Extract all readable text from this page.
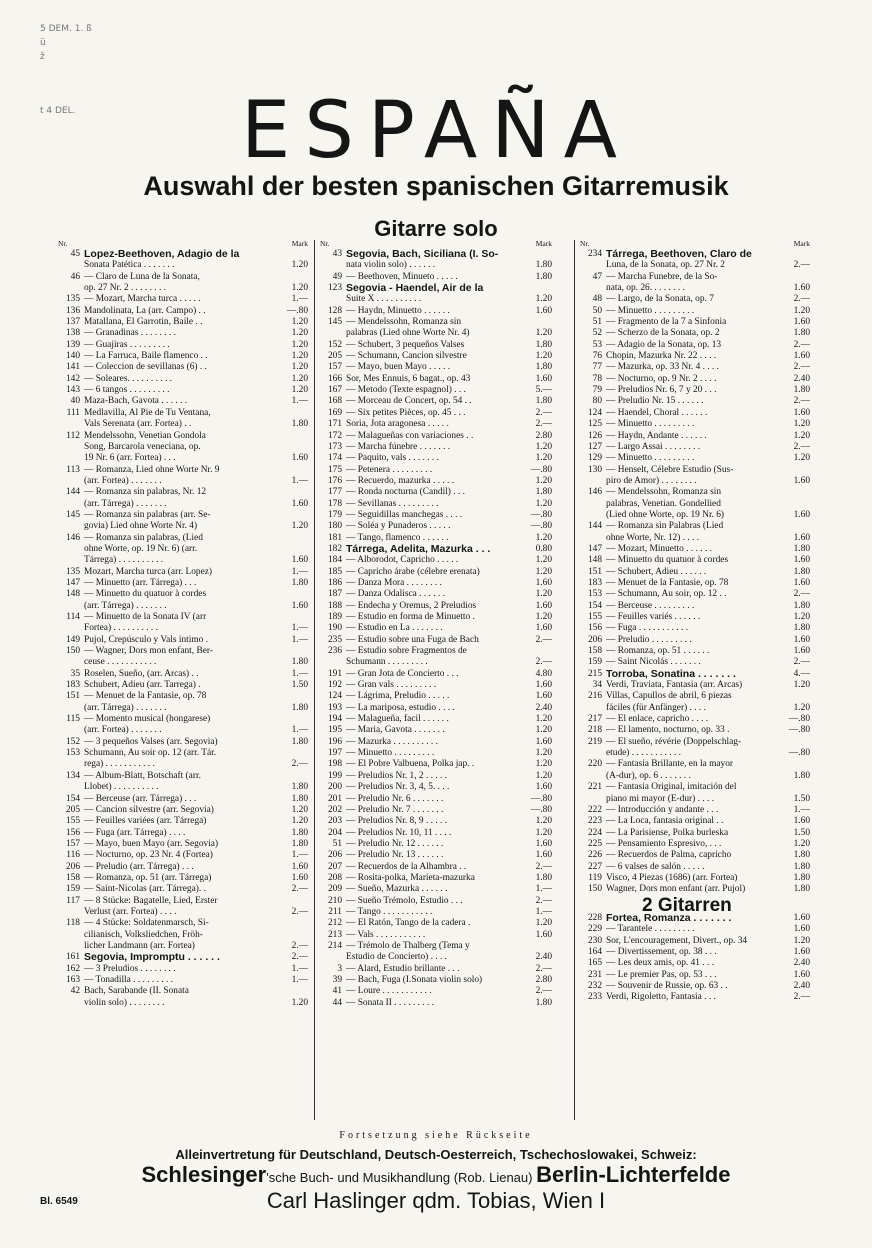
5 DEM. 1. ß
ü
ž
t 4 DEL.	ESPAÑA
Auswahl der besten spanischen Gitarremusik
Gitarre solo
Nr.	Mark
45 Lopez-Beethoven, Adagio de la
Sonata Patética . . . . . . .	1.20
46 — Claro de Luna de la Sonata,
op. 27 Nr. 2 . . . . . . . .	1.20
135 — Mozart, Marcha turca . . . . .	1.—
136 Mandolinata, La (arr. Campo) . .	—.80
137 Matallana, El Garrotin, Baile . .	1.20
138 — Granadinas . . . . . . . .	1.20
139 — Guajiras . . . . . . . . .	1.20
140 — La Farruca, Baile flamenco . .	1.20
141 — Coleccion de sevillanas (6) . .	1.20
142 — Soleares. . . . . . . . . .	1.20
143 — 6 tangos . . . . . . . . .	1.20
40 Maza-Bach, Gavota . . . . . .	1.—
111 Medlavilla, Al Pie de Tu Ventana,
Vals Serenata (arr. Fortea) . .	1.80
112 Mendelssohn, Venetian Gondola
Song, Barcarola veneciana, op.
19 Nr. 6 (arr. Fortea) . . .	1.60
113 — Romanza, Lied ohne Worte Nr. 9
(arr. Fortea) . . . . . . .	1.—
144 — Romanza sin palabras, Nr. 12
(arr. Tárrega) . . . . . . .	1.60
145 — Romanza sin palabras (arr. Se-
govia) Lied ohne Worte Nr. 4)	1.20
146 — Romanza sin palabras, (Lied
ohne Worte, op. 19 Nr. 6) (arr.
Tárrega) . . . . . . . . . .	1.60
135 Mozart, Marcha turca (arr. Lopez)	1.—
147 — Minuetto (arr. Tárrega) . . .	1.80
148 — Minuetto du quatuor à cordes
(arr. Tárrega) . . . . . . .	1.60
114 — Minuetto de la Sonata IV (arr
Fortea) . . . . . . . . . .	1.—
149 Pujol, Crepúsculo y Vals intimo .	1.—
150 — Wagner, Dors mon enfant, Ber-
ceuse . . . . . . . . . . .	1.80
35 Roselen, Sueño, (arr. Arcas) . .	1.—
183 Schubert, Adieu (arr. Tarrega) .	1.50
151 — Menuet de la Fantasie, op. 78
(arr. Tárrega) . . . . . . .	1.80
115 — Momento musical (hongarese)
(arr. Fortea) . . . . . . .	1.—
152 — 3 pequeños Valses (arr. Segovia)	1.80
153 Schumann, Au soir op. 12 (arr. Tár.
rega) . . . . . . . . . . .	2.—
134 — Album-Blatt, Botschaft (arr.
Llobet) . . . . . . . . . .	1.80
154 — Berceuse (arr. Tárrega) . . .	1.80
205 — Cancion silvestre (arr. Segovia)	1.20
155 — Feuilles variées (arr. Tárrega)	1.20
156 — Fuga (arr. Tárrega) . . . .	1.80
157 — Mayo, buen Mayo (arr. Segovia)	1.80
116 — Nocturno, op. 23 Nr. 4 (Fortea)	1.—
206 — Preludio (arr. Tárrega) . . .	1.60
158 — Romanza, op. 51 (arr. Tárrega)	1.60
159 — Saint-Nicolas (arr. Tárrega). .	2.—
117 — 8 Stücke: Bagatelle, Lied, Erster
Verlust (arr. Fortea) . . . .	2.—
118 — 4 Stücke: Soldatenmarsch, Si-
cilianisch, Volksliedchen, Fröh-
licher Landmann (arr. Fortea)	2.—
161 Segovia, Impromptu . . . . . .	2.—
162 — 3 Preludios . . . . . . . .	1.—
163 — Tonadilla . . . . . . . . .	1.—
42 Bach, Sarabande (II. Sonata
violin solo) . . . . . . . .	1.20
Nr.	Mark
43 Segovia, Bach, Siciliana (I. So-
nata violin solo) . . . . . .	1.80
49 — Beethoven, Minueto . . . . .	1.80
123 Segovia - Haendel, Air de la
Suite X . . . . . . . . . .	1.20
128 — Haydn, Minuetto . . . . . .	1.60
145 — Mendelssohn, Romanza sin
palabras (Lied ohne Worte Nr. 4)	1.20
152 — Schubert, 3 pequeños Valses	1.80
205 — Schumann, Cancion silvestre	1.20
157 — Mayo, buen Mayo . . . . .	1.80
166 Sor, Mes Ennuis, 6 bagat., op. 43	1.60
167 — Metodo (Texte espagnol) . . .	5.—
168 — Morceau de Concert, op. 54 . .	1.80
169 — Six petites Pièces, op. 45 . . .	2.—
171 Soria, Jota aragonesa . . . . .	2.—
172 — Malagueñas con variaciones . .	2.80
173 — Marcha fúnebre . . . . . . .	1.20
174 — Paquito, vals . . . . . . .	1.20
175 — Petenera . . . . . . . . .	—.80
176 — Recuerdo, mazurka . . . . .	1.20
177 — Ronda nocturna (Candil) . . .	1.80
178 — Sevillanas . . . . . . . . .	1.20
179 — Seguidillas manchegas . . . .	—.80
180 — Soléa y Punaderos . . . . .	—.80
181 — Tango, flamenco . . . . . .	1.20
182 Tárrega, Adelita, Mazurka . . .	0.80
184 — Alborodot, Capricho . . . . .	1.20
185 — Capricho árabe (célebre erenata)	1.20
186 — Danza Mora . . . . . . . .	1.60
187 — Danza Odalisca . . . . . .	1.20
188 — Endecha y Oremus, 2 Preludios	1.60
189 — Estudio en forma de Minuetto .	1.20
190 — Estudio en La . . . . . . .	1.60
235 — Estudio sobre una Fuga de Bach	2.—
236 — Estudio sobre Fragmentos de
Schumann . . . . . . . . .	2.—
191 — Gran Jota de Concierto . . .	4.80
192 — Gran vals . . . . . . . . .	1.60
124 — Lágrima, Preludio . . . . .	1.60
193 — La mariposa, estudio . . . .	2.40
194 — Malagueña, facil . . . . . .	1.20
195 — Maria, Gavota . . . . . . .	1.20
196 — Mazurka . . . . . . . . . .	1.60
197 — Minuetto . . . . . . . . .	1.20
198 — El Pobre Valbuena, Polka jap. .	1.20
199 — Preludios Nr. 1, 2 . . . . .	1.20
200 — Preludios Nr. 3, 4, 5. . . .	1.60
201 — Preludio Nr. 6 . . . . . . .	—.80
202 — Preludio Nr. 7 . . . . . . .	—.80
203 — Preludios Nr. 8, 9 . . . . .	1.20
204 — Preludios Nr. 10, 11 . . . .	1.20
51 — Preludio Nr. 12 . . . . . .	1.60
206 — Preludio Nr. 13 . . . . . .	1.60
207 — Recuerdos de la Alhambra . .	2.—
208 — Rosita-polka, Marieta-mazurka	1.80
209 — Sueño, Mazurka . . . . . .	1.—
210 — Sueño Trémolo, Estudio . . .	2.—
211 — Tango . . . . . . . . . . .	1.—
212 — El Ratón, Tango de la cadera .	1.20
213 — Vals . . . . . . . . . . .	1.60
214 — Trémolo de Thalberg (Tema y
Estudio de Concierto) . . . .	2.40
3 — Alard, Estudio brillante . . .	2.—
39 — Bach, Fuga (I.Sonata violin solo)	2.80
41 — Loure . . . . . . . . . . .	2.—
44 — Sonata II . . . . . . . . .	1.80
Nr.	Mark
234 Tárrega, Beethoven, Claro de
Luna, de la Sonata, op. 27 Nr. 2	2.—
47 — Marcha Funebre, de la So-
nata, op. 26. . . . . . . .	1.60
48 — Largo, de la Sonata, op. 7	2.—
50 — Minuetto . . . . . . . . .	1.20
51 — Fragmento de la 7 a Sinfonia	1.60
52 — Scherzo de la Sonata, op. 2	1.80
53 — Adagio de la Sonata, op. 13	2.—
76 Chopin, Mazurka Nr. 22 . . . .	1.60
77 — Mazurka, op. 33 Nr. 4 . . . .	2.—
78 — Nocturno, op. 9 Nr. 2 . . . .	2.40
79 — Preludios Nr. 6, 7 y 20 . . .	1.80
80 — Preludio Nr. 15 . . . . . .	2.—
124 — Haendel, Choral . . . . . .	1.60
125 — Minuetto . . . . . . . . .	1.20
126 — Haydn, Andante . . . . . .	1.20
127 — Largo Assai . . . . . . . .	2.—
129 — Minuetto . . . . . . . . .	1.20
130 — Henselt, Célebre Estudio (Sus-
piro de Amor) . . . . . . . .	1.60
146 — Mendelssohn, Romanza sin
palabras, Venetian. Gondellied
(Lied ohne Worte, op. 19 Nr. 6)	1.60
144 — Romanza sin Palabras (Lied
ohne Worte, Nr. 12) . . . .	1.60
147 — Mozart, Minuetto . . . . . .	1.80
148 — Minuetto du quatuor à cordes	1.60
151 — Schubert, Adieu . . . . . .	1.80
183 — Menuet de la Fantasie, op. 78	1.60
153 — Schumann, Au soir, op. 12 . .	2.—
154 — Berceuse . . . . . . . . .	1.80
155 — Feuilles variés . . . . . .	1.20
156 — Fuga . . . . . . . . . . .	1.80
206 — Preludio . . . . . . . . .	1.60
158 — Romanza, op. 51 . . . . . .	1.60
159 — Saint Nicolás . . . . . . .	2.—
215 Torroba, Sonatina . . . . . . .	4.—
34 Verdi, Traviata, Fantasia (arr. Arcas)	1.20
216 Villas, Capullos de abril, 6 piezas
fáciles (für Anfänger) . . . .	1.20
217 — El enlace, capricho . . . .	—.80
218 — El lamento, nocturno, op. 33 .	—.80
219 — El sueño, révérie (Doppelschlag-
etude) . . . . . . . . . . .	—.80
220 — Fantasia Brillante, en la mayor
(A-dur), op. 6 . . . . . . .	1.80
221 — Fantasia Original, imitación del
piano mi mayor (E-dur) . . . .	1.50
222 — Introducción y andante . . .	1.—
223 — La Loca, fantasia original . .	1.60
224 — La Parisiense, Polka burleska	1.50
225 — Pensamiento Espresivo, . . .	1.20
226 — Recuerdos de Palma, capricho	1.80
227 — 6 valses de salón . . . . .	1.80
119 Visco, 4 Piezas (1686) (arr. Fortea)	1.80
150 Wagner, Dors mon enfant (arr. Pujol)	1.80
2 Gitarren
228 Fortea, Romanza . . . . . . .	1.60
229 — Tarantele . . . . . . . . .	1.60
230 Sor, L'encouragement, Divert., op. 34	1.20
164 — Divertissement, op. 38 . . .	1.60
165 — Les deux amis, op. 41 . . .	2.40
231 — Le premier Pas, op. 53 . . .	1.60
232 — Souvenir de Russie, op. 63 . .	2.40
233 Verdi, Rigoletto, Fantasia . . .	2.—
Fortsetzung siehe Rückseite
Alleinvertretung für Deutschland, Deutsch-Oesterreich, Tschechoslowakei, Schweiz:
Schlesinger'sche Buch- und Musikhandlung (Rob. Lienau) Berlin-Lichterfelde
Carl Haslinger qdm. Tobias, Wien I
Bl. 6549
